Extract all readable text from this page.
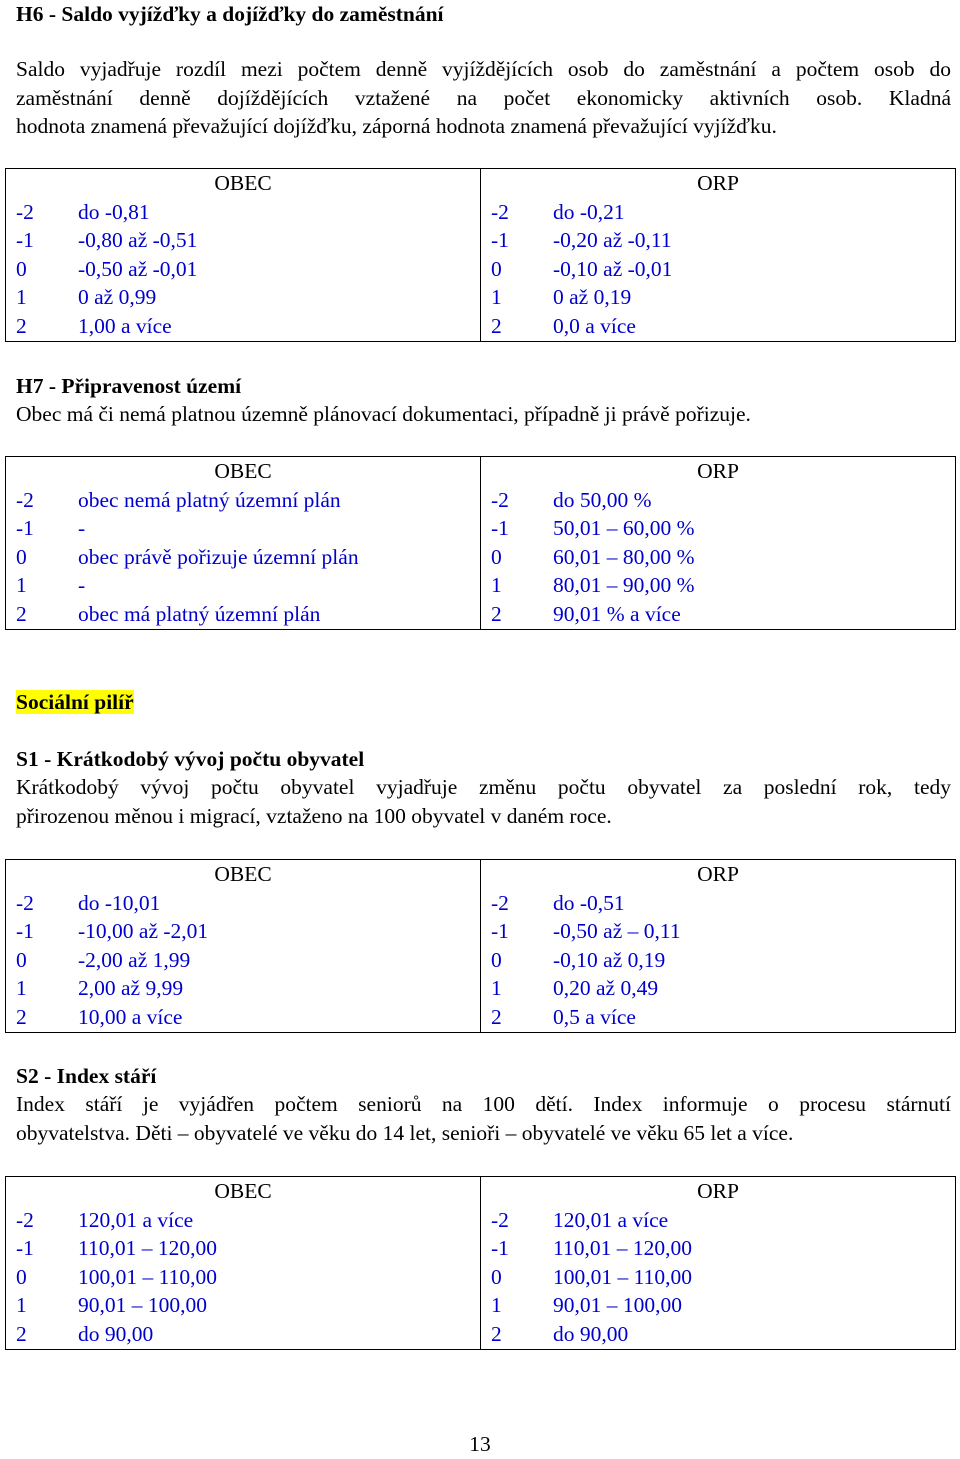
H6 - Saldo vyjížďky a dojížďky do zaměstnání
Saldo vyjadřuje rozdíl mezi počtem denně vyjíždějících osob do zaměstnání a počtem osob do
zaměstnání denně dojíždějících vztažené na počet ekonomicky aktivních osob. Kladná
hodnota znamená převažující dojížďku, záporná hodnota znamená převažující vyjížďku.
OBEC
-2	do -0,81
-1	-0,80 až -0,51
0	-0,50 až -0,01
1	0 až 0,99
2	1,00 a více

ORP
-2	do -0,21
-1	-0,20 až -0,11
0	-0,10 až -0,01
1	0 až 0,19
2	0,0 a více
H7 - Připravenost území
Obec má či nemá platnou územně plánovací dokumentaci, případně ji právě pořizuje.
OBEC
-2	obec nemá platný územní plán
-1	-
0	obec právě pořizuje územní plán
1	-
2	obec má platný územní plán

ORP
-2	do 50,00 %
-1	50,01 – 60,00 %
0	60,01 – 80,00 %
1	80,01 – 90,00 %
2	90,01 % a více
Sociální pilíř
S1 - Krátkodobý vývoj počtu obyvatel
Krátkodobý vývoj počtu obyvatel vyjadřuje změnu počtu obyvatel za poslední rok, tedy
přirozenou měnou i migrací, vztaženo na 100 obyvatel v daném roce.
OBEC
-2	do -10,01
-1	-10,00 až -2,01
0	-2,00 až 1,99
1	2,00 až 9,99
2	10,00 a více

ORP
-2	do -0,51
-1	-0,50 až – 0,11
0	-0,10 až 0,19
1	0,20 až 0,49
2	0,5 a více
S2 - Index stáří
Index stáří je vyjádřen počtem seniorů na 100 dětí. Index informuje o procesu stárnutí
obyvatelstva. Děti – obyvatelé ve věku do 14 let, senioři – obyvatelé ve věku 65 let a více.
OBEC
-2	120,01 a více
-1	110,01 – 120,00
0	100,01 – 110,00
1	90,01 – 100,00
2	do 90,00

ORP
-2	120,01 a více
-1	110,01 – 120,00
0	100,01 – 110,00
1	90,01 – 100,00
2	do 90,00
13
